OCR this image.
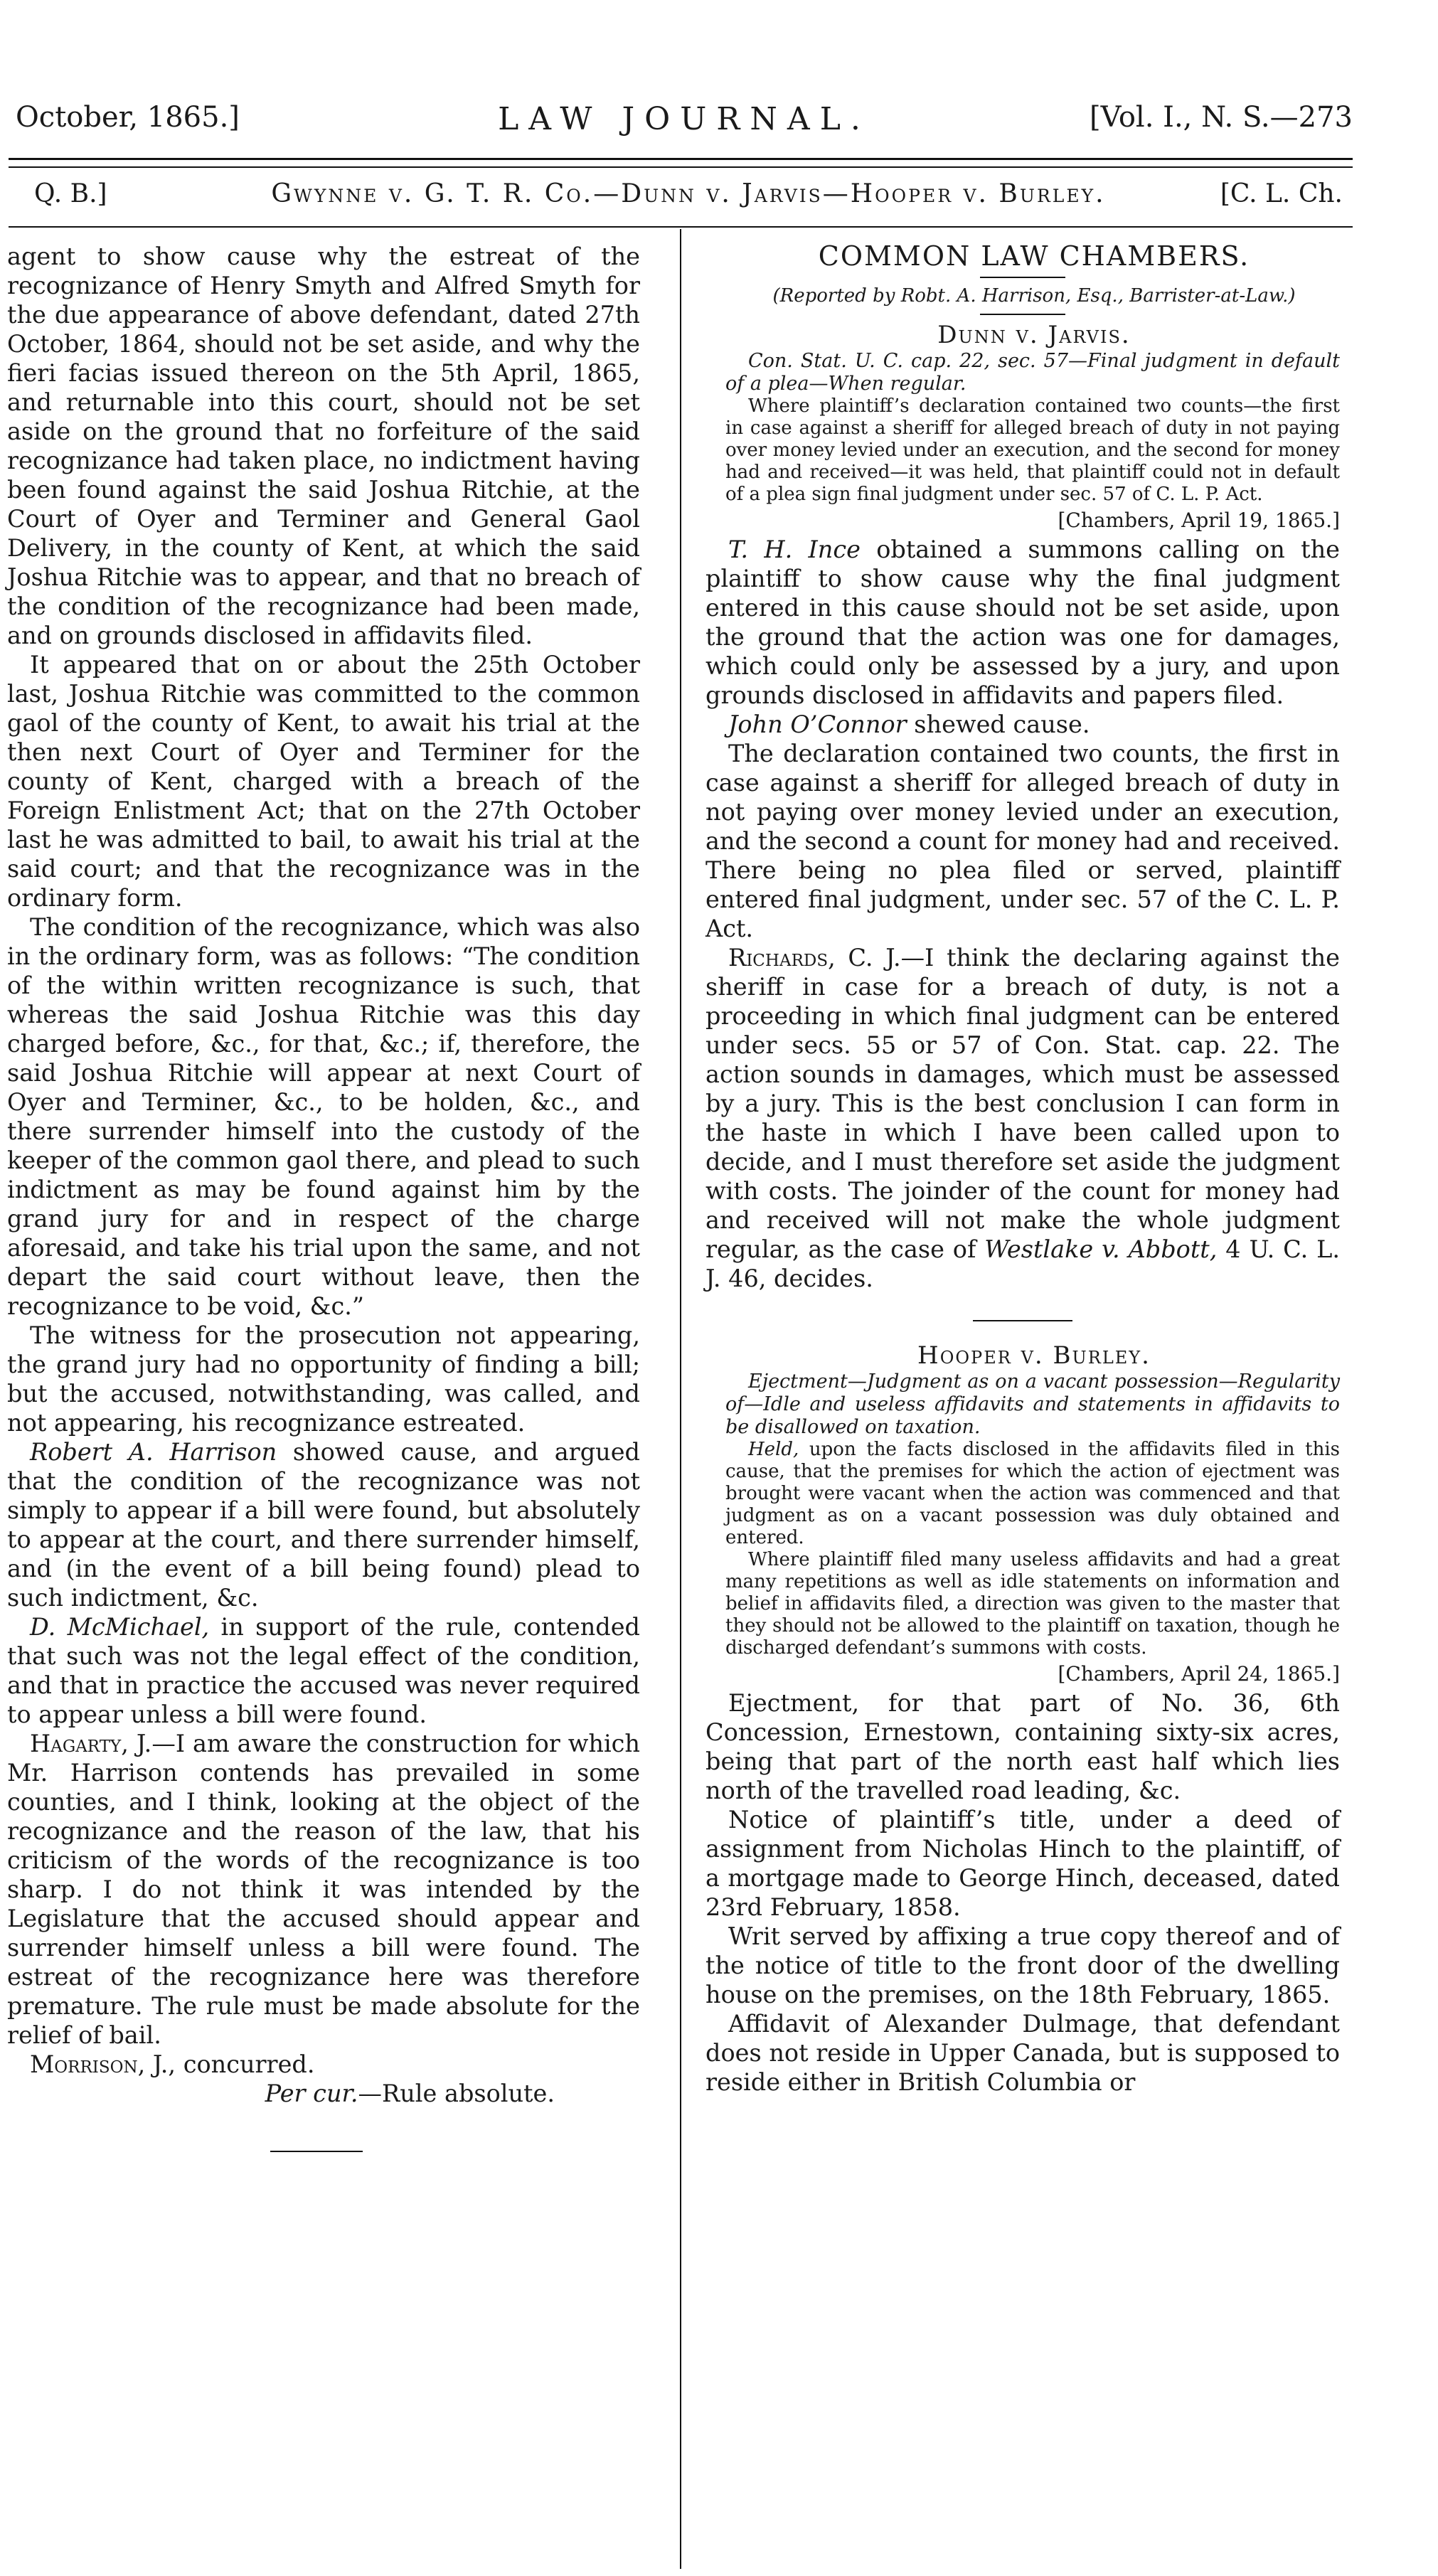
October, 1865.]	LAW JOURNAL.	[Vol. I., N. S.—273
Q. B.]	Gwynne v. G. T. R. Co.—Dunn v. Jarvis—Hooper v. Burley.	[C. L. Ch.

agent to show cause why the estreat of the recognizance of Henry Smyth and Alfred Smyth for the due appearance of above defendant, dated 27th October, 1864, should not be set aside, and why the fieri facias issued thereon on the 5th April, 1865, and returnable into this court, should not be set aside on the ground that no forfeiture of the said recognizance had taken place, no indictment having been found against the said Joshua Ritchie, at the Court of Oyer and Terminer and General Gaol Delivery, in the county of Kent, at which the said Joshua Ritchie was to appear, and that no breach of the condition of the recognizance had been made, and on grounds disclosed in affidavits filed.

It appeared that on or about the 25th October last, Joshua Ritchie was committed to the common gaol of the county of Kent, to await his trial at the then next Court of Oyer and Terminer for the county of Kent, charged with a breach of the Foreign Enlistment Act; that on the 27th October last he was admitted to bail, to await his trial at the said court; and that the recognizance was in the ordinary form.

The condition of the recognizance, which was also in the ordinary form, was as follows: “The condition of the within written recognizance is such, that whereas the said Joshua Ritchie was this day charged before, &c., for that, &c.; if, therefore, the said Joshua Ritchie will appear at next Court of Oyer and Terminer, &c., to be holden, &c., and there surrender himself into the custody of the keeper of the common gaol there, and plead to such indictment as may be found against him by the grand jury for and in respect of the charge aforesaid, and take his trial upon the same, and not depart the said court without leave, then the recognizance to be void, &c.”

The witness for the prosecution not appearing, the grand jury had no opportunity of finding a bill; but the accused, notwithstanding, was called, and not appearing, his recognizance estreated.

Robert A. Harrison showed cause, and argued that the condition of the recognizance was not simply to appear if a bill were found, but absolutely to appear at the court, and there surrender himself, and (in the event of a bill being found) plead to such indictment, &c.

D. McMichael, in support of the rule, contended that such was not the legal effect of the condition, and that in practice the accused was never required to appear unless a bill were found.

Hagarty, J.—I am aware the construction for which Mr. Harrison contends has prevailed in some counties, and I think, looking at the object of the recognizance and the reason of the law, that his criticism of the words of the recognizance is too sharp. I do not think it was intended by the Legislature that the accused should appear and surrender himself unless a bill were found. The estreat of the recognizance here was therefore premature. The rule must be made absolute for the relief of bail.

Morrison, J., concurred.

Per cur.—Rule absolute.

COMMON LAW CHAMBERS.

(Reported by Robt. A. Harrison, Esq., Barrister-at-Law.)

Dunn v. Jarvis.

Con. Stat. U. C. cap. 22, sec. 57—Final judgment in default of a plea—When regular.

Where plaintiff’s declaration contained two counts—the first in case against a sheriff for alleged breach of duty in not paying over money levied under an execution, and the second for money had and received—it was held, that plaintiff could not in default of a plea sign final judgment under sec. 57 of C. L. P. Act.

[Chambers, April 19, 1865.]

T. H. Ince obtained a summons calling on the plaintiff to show cause why the final judgment entered in this cause should not be set aside, upon the ground that the action was one for damages, which could only be assessed by a jury, and upon grounds disclosed in affidavits and papers filed.

John O’Connor shewed cause.

The declaration contained two counts, the first in case against a sheriff for alleged breach of duty in not paying over money levied under an execution, and the second a count for money had and received. There being no plea filed or served, plaintiff entered final judgment, under sec. 57 of the C. L. P. Act.

Richards, C. J.—I think the declaring against the sheriff in case for a breach of duty, is not a proceeding in which final judgment can be entered under secs. 55 or 57 of Con. Stat. cap. 22. The action sounds in damages, which must be assessed by a jury. This is the best conclusion I can form in the haste in which I have been called upon to decide, and I must therefore set aside the judgment with costs. The joinder of the count for money had and received will not make the whole judgment regular, as the case of Westlake v. Abbott, 4 U. C. L. J. 46, decides.

Hooper v. Burley.

Ejectment—Judgment as on a vacant possession—Regularity of—Idle and useless affidavits and statements in affidavits to be disallowed on taxation.

Held, upon the facts disclosed in the affidavits filed in this cause, that the premises for which the action of ejectment was brought were vacant when the action was commenced and that judgment as on a vacant possession was duly obtained and entered.

Where plaintiff filed many useless affidavits and had a great many repetitions as well as idle statements on information and belief in affidavits filed, a direction was given to the master that they should not be allowed to the plaintiff on taxation, though he discharged defendant’s summons with costs.

[Chambers, April 24, 1865.]

Ejectment, for that part of No. 36, 6th Concession, Ernestown, containing sixty-six acres, being that part of the north east half which lies north of the travelled road leading, &c.

Notice of plaintiff’s title, under a deed of assignment from Nicholas Hinch to the plaintiff, of a mortgage made to George Hinch, deceased, dated 23rd February, 1858.

Writ served by affixing a true copy thereof and of the notice of title to the front door of the dwelling house on the premises, on the 18th February, 1865.

Affidavit of Alexander Dulmage, that defendant does not reside in Upper Canada, but is supposed to reside either in British Columbia or
